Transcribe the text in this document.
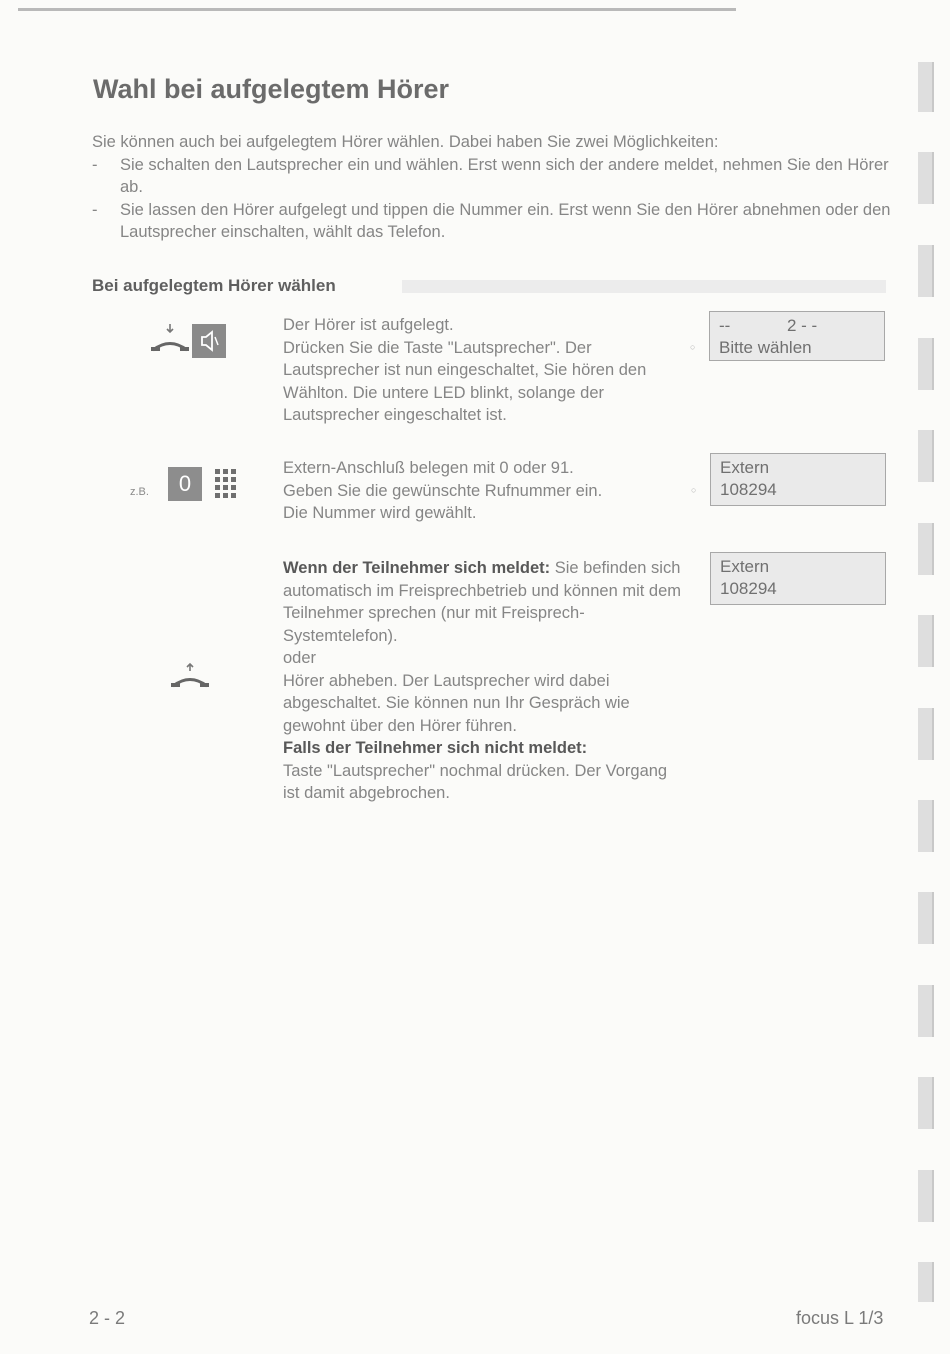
Wahl bei aufgelegtem Hörer

Sie können auch bei aufgelegtem Hörer wählen. Dabei haben Sie zwei Möglichkeiten:

- Sie schalten den Lautsprecher ein und wählen. Erst wenn sich der andere meldet, nehmen Sie den Hörer ab.
- Sie lassen den Hörer aufgelegt und tippen die Nummer ein. Erst wenn Sie den Hörer abnehmen oder den Lautsprecher einschalten, wählt das Telefon.
Bei aufgelegtem Hörer wählen

Der Hörer ist aufgelegt.

Drücken Sie die Taste "Lautsprecher". Der Lautsprecher ist nun eingeschaltet, Sie hören den Wählton. Die untere LED blinkt, solange der Lautsprecher eingeschaltet ist.

○
--            2 - -
Bitte wählen
z.B.	0

Extern-Anschluß belegen mit 0 oder 91.

Geben Sie die gewünschte Rufnummer ein.

Die Nummer wird gewählt.

○
Extern
108294

Wenn der Teilnehmer sich meldet: Sie befinden sich automatisch im Freisprechbetrieb und können mit dem Teilnehmer sprechen (nur mit Freisprech-Systemtelefon).

oder

Hörer abheben. Der Lautsprecher wird dabei abgeschaltet. Sie können nun Ihr Gespräch wie gewohnt über den Hörer führen.

Falls der Teilnehmer sich nicht meldet:

Taste "Lautsprecher" nochmal drücken. Der Vorgang ist damit abgebrochen.

Extern
108294
2 - 2	focus L 1/3
